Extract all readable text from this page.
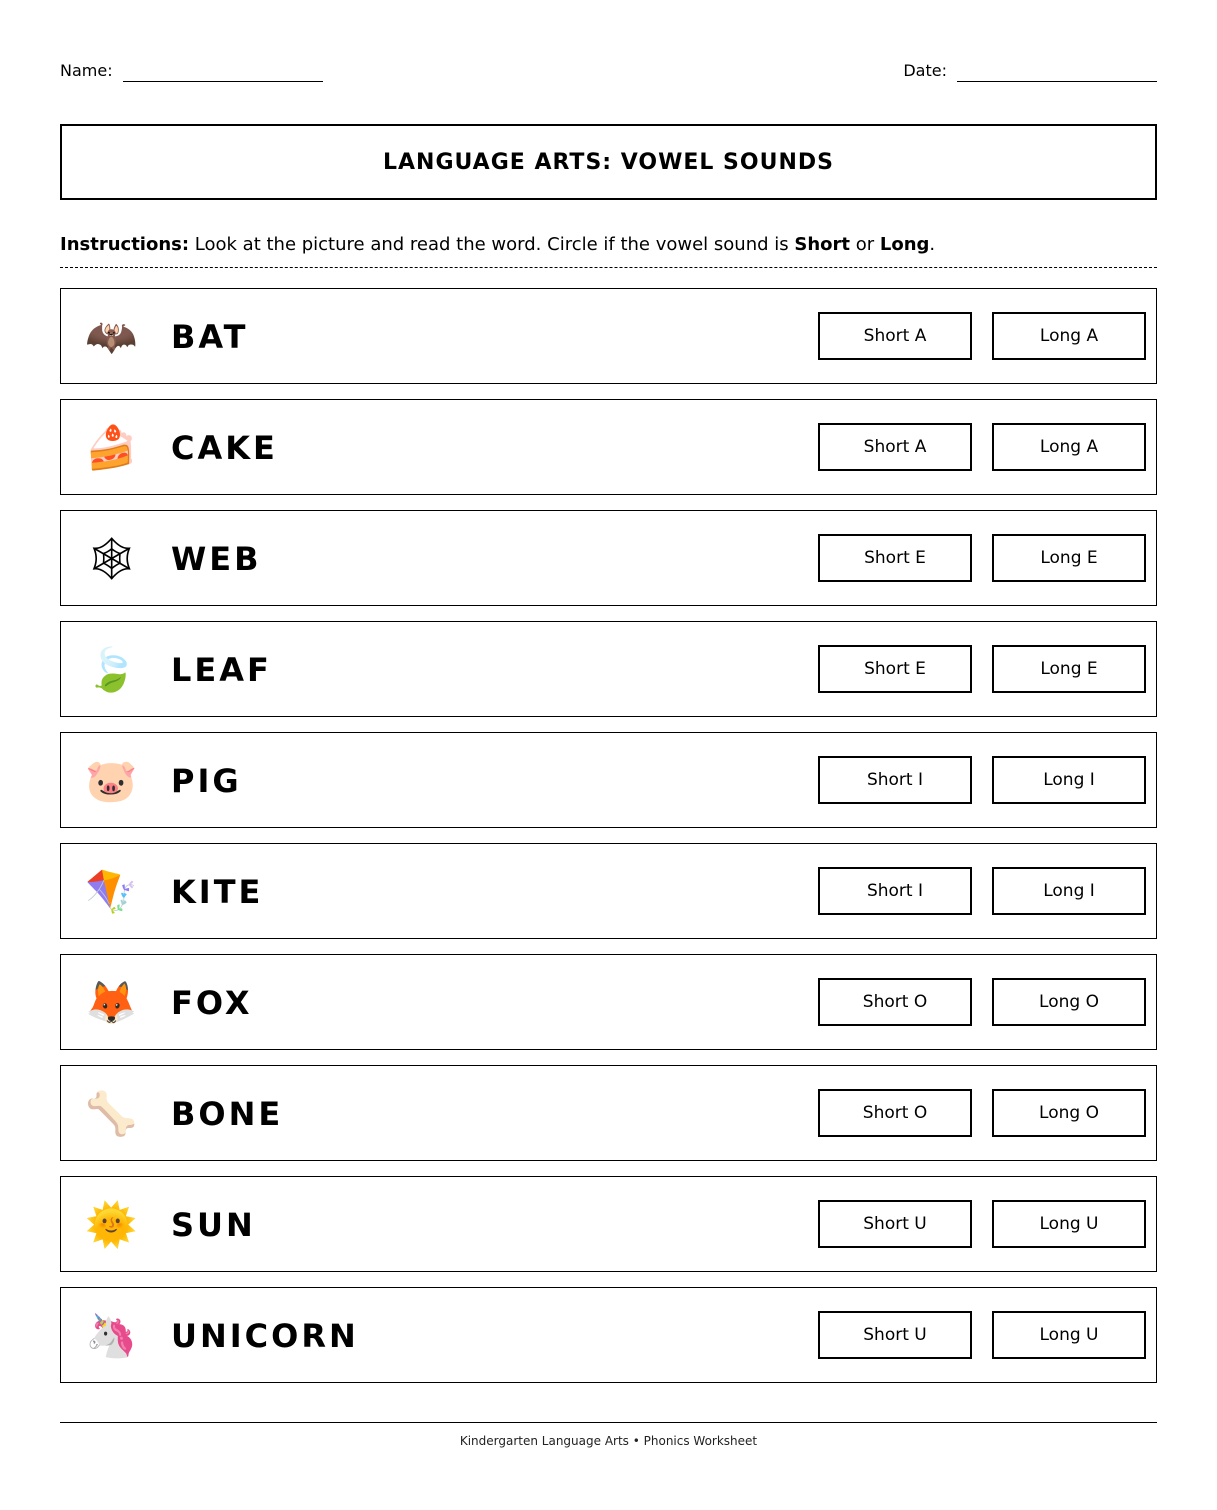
Name:	Date:
LANGUAGE ARTS: VOWEL SOUNDS
Instructions: Look at the picture and read the word. Circle if the vowel sound is Short or Long.
🦇 BAT	Short A	Long A
🍰 CAKE	Short A	Long A
🕸 WEB	Short E	Long E
🍃 LEAF	Short E	Long E
🐷 PIG	Short I	Long I
🪁 KITE	Short I	Long I
🦊 FOX	Short O	Long O
🦴 BONE	Short O	Long O
🌞 SUN	Short U	Long U
🦄 UNICORN	Short U	Long U
Kindergarten Language Arts • Phonics Worksheet
